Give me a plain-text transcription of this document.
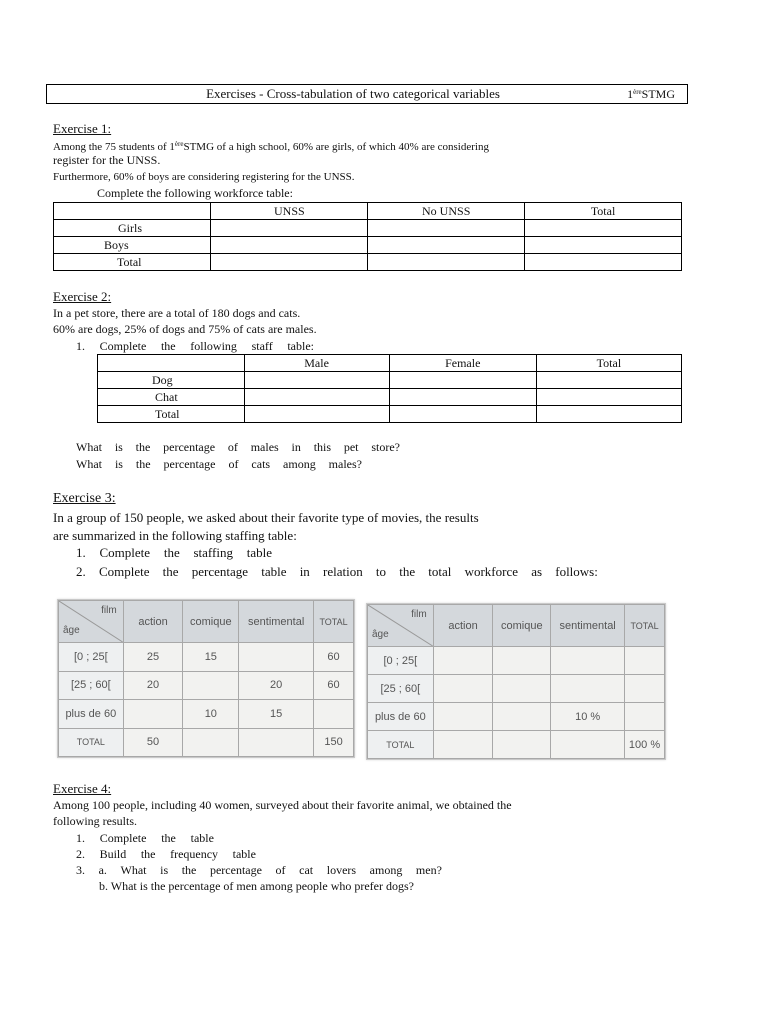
Exercises - Cross-tabulation of two categorical variables	1èreSTMG
Exercise 1:
Among the 75 students of 1èreSTMG of a high school, 60% are girls, of which 40% are considering
register for the UNSS.
Furthermore, 60% of boys are considering registering for the UNSS.
Complete the following workforce table:
	UNSS	No UNSS	Total
Girls			
Boys			
Total			
Exercise 2:
In a pet store, there are a total of 180 dogs and cats.
60% are dogs, 25% of dogs and 75% of cats are males.
1. Complete the following staff table:
	Male	Female	Total
Dog			
Chat			
Total			
What is the percentage of males in this pet store?
What is the percentage of cats among males?
Exercise 3:
In a group of 150 people, we asked about their favorite type of movies, the results
are summarized in the following staffing table:
1. Complete the staffing table
2. Complete the percentage table in relation to the total workforce as follows:
film
âge	action	comique	sentimental	TOTAL
[0 ; 25[	25	15		60
[25 ; 60[	20		20	60
plus de 60		10	15	
TOTAL	50			150
film
âge	action	comique	sentimental	TOTAL
[0 ; 25[				
[25 ; 60[				
plus de 60			10 %	
TOTAL				100 %
Exercise 4:
Among 100 people, including 40 women, surveyed about their favorite animal, we obtained the
following results.
1. Complete the table
2. Build the frequency table
3. a. What is the percentage of cat lovers among men?
b. What is the percentage of men among people who prefer dogs?
